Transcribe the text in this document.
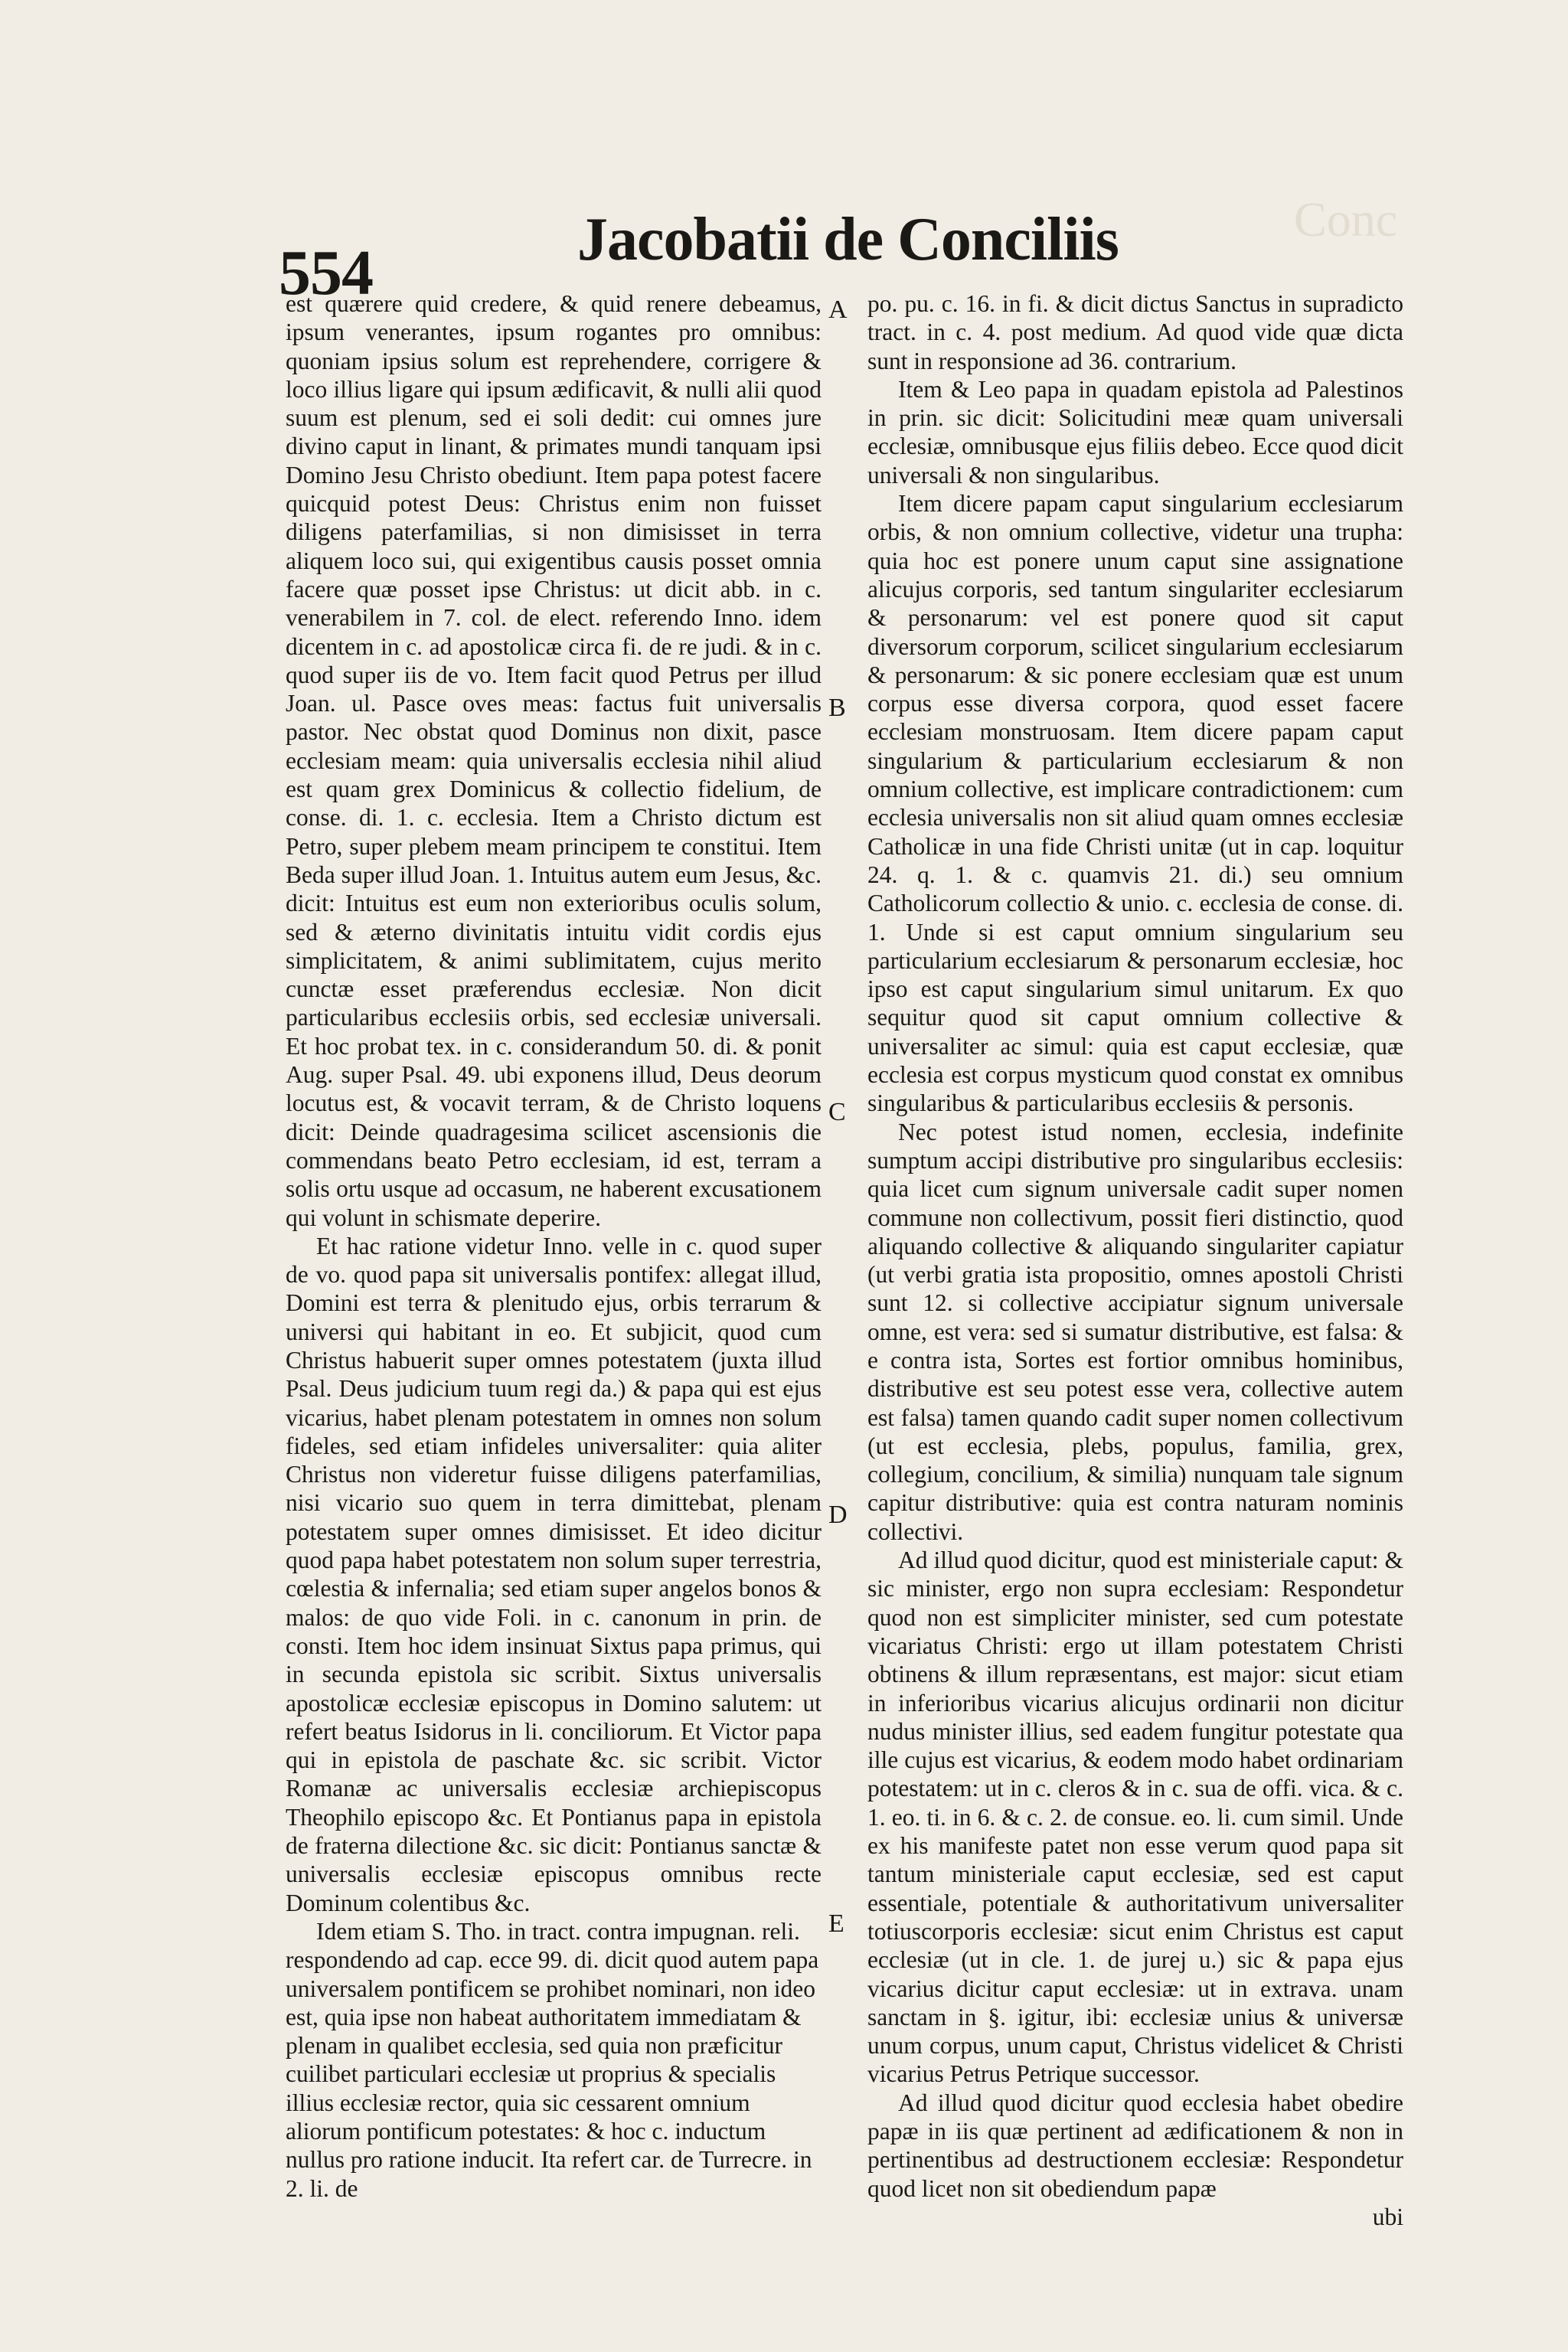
Conc
554	Jacobatii de Conciliis

est quærere quid credere, & quid renere debeamus, ipsum venerantes, ipsum rogantes pro omnibus: quoniam ipsius solum est reprehendere, corrigere & loco illius ligare qui ipsum ædificavit, & nulli alii quod suum est plenum, sed ei soli dedit: cui omnes jure divino caput in linant, & primates mundi tanquam ipsi Domino Jesu Christo obediunt. Item papa potest facere quicquid potest Deus: Christus enim non fuisset diligens paterfamilias, si non dimisisset in terra aliquem loco sui, qui exigentibus causis posset omnia facere quæ posset ipse Christus: ut dicit abb. in c. venerabilem in 7. col. de elect. referendo Inno. idem dicentem in c. ad apostolicæ circa fi. de re judi. & in c. quod super iis de vo. Item facit quod Petrus per illud Joan. ul. Pasce oves meas: factus fuit universalis pastor. Nec obstat quod Dominus non dixit, pasce ecclesiam meam: quia universalis ecclesia nihil aliud est quam grex Dominicus & collectio fidelium, de conse. di. 1. c. ecclesia. Item a Christo dictum est Petro, super plebem meam principem te constitui. Item Beda super illud Joan. 1. Intuitus autem eum Jesus, &c. dicit: Intuitus est eum non exterioribus oculis solum, sed & æterno divinitatis intuitu vidit cordis ejus simplicitatem, & animi sublimitatem, cujus merito cunctæ esset præferendus ecclesiæ. Non dicit particularibus ecclesiis orbis, sed ecclesiæ universali. Et hoc probat tex. in c. considerandum 50. di. & ponit Aug. super Psal. 49. ubi exponens illud, Deus deorum locutus est, & vocavit terram, & de Christo loquens dicit: Deinde quadragesima scilicet ascensionis die commendans beato Petro ecclesiam, id est, terram a solis ortu usque ad occasum, ne haberent excusationem qui volunt in schismate deperire.

Et hac ratione videtur Inno. velle in c. quod super de vo. quod papa sit universalis pontifex: allegat illud, Domini est terra & plenitudo ejus, orbis terrarum & universi qui habitant in eo. Et subjicit, quod cum Christus habuerit super omnes potestatem (juxta illud Psal. Deus judicium tuum regi da.) & papa qui est ejus vicarius, habet plenam potestatem in omnes non solum fideles, sed etiam infideles universaliter: quia aliter Christus non videretur fuisse diligens paterfamilias, nisi vicario suo quem in terra dimittebat, plenam potestatem super omnes dimisisset. Et ideo dicitur quod papa habet potestatem non solum super terrestria, cœlestia & infernalia; sed etiam super angelos bonos & malos: de quo vide Foli. in c. canonum in prin. de consti. Item hoc idem insinuat Sixtus papa primus, qui in secunda epistola sic scribit. Sixtus universalis apostolicæ ecclesiæ episcopus in Domino salutem: ut refert beatus Isidorus in li. conciliorum. Et Victor papa qui in epistola de paschate &c. sic scribit. Victor Romanæ ac universalis ecclesiæ archiepiscopus Theophilo episcopo &c. Et Pontianus papa in epistola de fraterna dilectione &c. sic dicit: Pontianus sanctæ & universalis ecclesiæ episcopus omnibus recte Dominum colentibus &c.

Idem etiam S. Tho. in tract. contra impugnan. reli. respondendo ad cap. ecce 99. di. dicit quod autem papa universalem pontificem se prohibet nominari, non ideo est, quia ipse non habeat authoritatem immediatam & plenam in qualibet ecclesia, sed quia non præficitur cuilibet particulari ecclesiæ ut proprius & specialis illius ecclesiæ rector, quia sic cessarent omnium aliorum pontificum potestates: & hoc c. inductum nullus pro ratione inducit. Ita refert car. de Turrecre. in 2. li. de

A
B
C
D
E

po. pu. c. 16. in fi. & dicit dictus Sanctus in supradicto tract. in c. 4. post medium. Ad quod vide quæ dicta sunt in responsione ad 36. contrarium.

Item & Leo papa in quadam epistola ad Palestinos in prin. sic dicit: Solicitudini meæ quam universali ecclesiæ, omnibusque ejus filiis debeo. Ecce quod dicit universali & non singularibus.

Item dicere papam caput singularium ecclesiarum orbis, & non omnium collective, videtur una trupha: quia hoc est ponere unum caput sine assignatione alicujus corporis, sed tantum singulariter ecclesiarum & personarum: vel est ponere quod sit caput diversorum corporum, scilicet singularium ecclesiarum & personarum: & sic ponere ecclesiam quæ est unum corpus esse diversa corpora, quod esset facere ecclesiam monstruosam. Item dicere papam caput singularium & particularium ecclesiarum & non omnium collective, est implicare contradictionem: cum ecclesia universalis non sit aliud quam omnes ecclesiæ Catholicæ in una fide Christi unitæ (ut in cap. loquitur 24. q. 1. & c. quamvis 21. di.) seu omnium Catholicorum collectio & unio. c. ecclesia de conse. di. 1. Unde si est caput omnium singularium seu particularium ecclesiarum & personarum ecclesiæ, hoc ipso est caput singularium simul unitarum. Ex quo sequitur quod sit caput omnium collective & universaliter ac simul: quia est caput ecclesiæ, quæ ecclesia est corpus mysticum quod constat ex omnibus singularibus & particularibus ecclesiis & personis.

Nec potest istud nomen, ecclesia, indefinite sumptum accipi distributive pro singularibus ecclesiis: quia licet cum signum universale cadit super nomen commune non collectivum, possit fieri distinctio, quod aliquando collective & aliquando singulariter capiatur (ut verbi gratia ista propositio, omnes apostoli Christi sunt 12. si collective accipiatur signum universale omne, est vera: sed si sumatur distributive, est falsa: & e contra ista, Sortes est fortior omnibus hominibus, distributive est seu potest esse vera, collective autem est falsa) tamen quando cadit super nomen collectivum (ut est ecclesia, plebs, populus, familia, grex, collegium, concilium, & similia) nunquam tale signum capitur distributive: quia est contra naturam nominis collectivi.

Ad illud quod dicitur, quod est ministeriale caput: & sic minister, ergo non supra ecclesiam: Respondetur quod non est simpliciter minister, sed cum potestate vicariatus Christi: ergo ut illam potestatem Christi obtinens & illum repræsentans, est major: sicut etiam in inferioribus vicarius alicujus ordinarii non dicitur nudus minister illius, sed eadem fungitur potestate qua ille cujus est vicarius, & eodem modo habet ordinariam potestatem: ut in c. cleros & in c. sua de offi. vica. & c. 1. eo. ti. in 6. & c. 2. de consue. eo. li. cum simil. Unde ex his manifeste patet non esse verum quod papa sit tantum ministeriale caput ecclesiæ, sed est caput essentiale, potentiale & authoritativum universaliter totiuscorporis ecclesiæ: sicut enim Christus est caput ecclesiæ (ut in cle. 1. de jurej u.) sic & papa ejus vicarius dicitur caput ecclesiæ: ut in extrava. unam sanctam in §. igitur, ibi: ecclesiæ unius & universæ unum corpus, unum caput, Christus videlicet & Christi vicarius Petrus Petrique successor.

Ad illud quod dicitur quod ecclesia habet obedire papæ in iis quæ pertinent ad ædificationem & non in pertinentibus ad destructionem ecclesiæ: Respondetur quod licet non sit obediendum papæ

ubi
